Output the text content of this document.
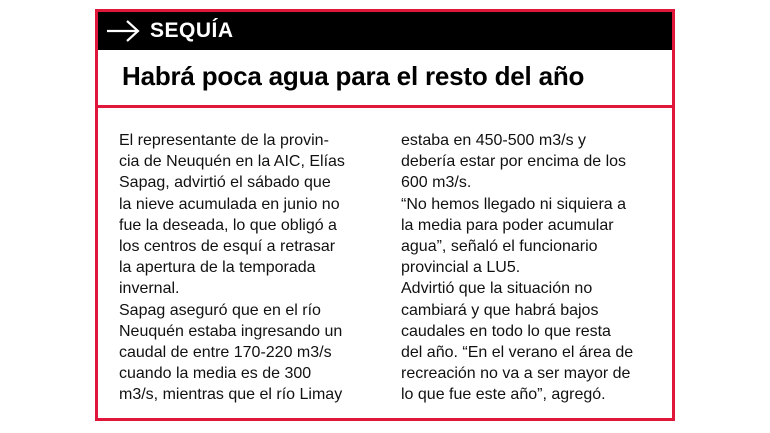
SEQUÍA
Habrá poca agua para el resto del año

El representante de la provin-
cia de Neuquén en la AIC, Elías
Sapag, advirtió el sábado que
la nieve acumulada en junio no
fue la deseada, lo que obligó a
los centros de esquí a retrasar
la apertura de la temporada
invernal.

Sapag aseguró que en el río
Neuquén estaba ingresando un
caudal de entre 170-220 m3/s
cuando la media es de 300
m3/s, mientras que el río Limay

estaba en 450-500 m3/s y
debería estar por encima de los
600 m3/s.

“No hemos llegado ni siquiera a
la media para poder acumular
agua”, señaló el funcionario
provincial a LU5.

Advirtió que la situación no
cambiará y que habrá bajos
caudales en todo lo que resta
del año. “En el verano el área de
recreación no va a ser mayor de
lo que fue este año”, agregó.
